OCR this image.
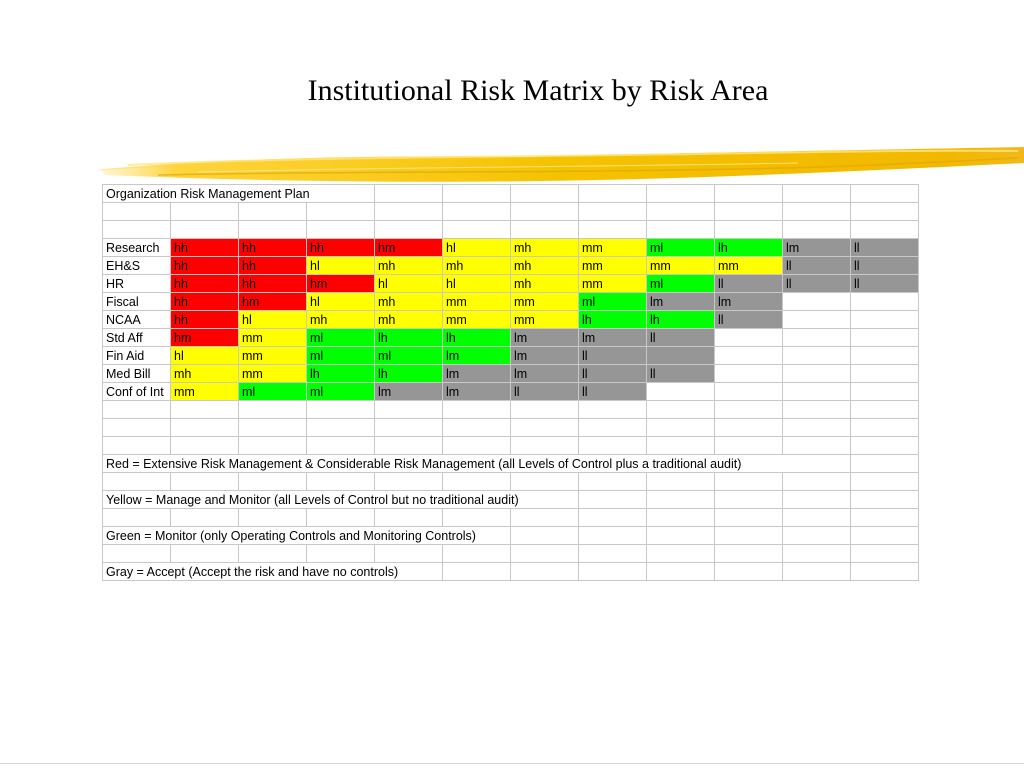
Institutional Risk Matrix by Risk Area
Organization Risk Management Plan											

Research	hh	hh	hh	hm	hl	mh	mm	ml	lh	lm	ll
EH&S	hh	hh	hl	mh	mh	mh	mm	mm	mm	ll	ll
HR	hh	hh	hm	hl	hl	mh	mm	ml	ll	ll	ll
Fiscal	hh	hm	hl	mh	mm	mm	ml	lm	lm		
NCAA	hh	hl	mh	mh	mm	mm	lh	lh	ll		
Std Aff	hm	mm	ml	lh	lh	lm	lm	ll			
Fin Aid	hl	mm	ml	ml	lm	lm	ll				
Med Bill	mh	mm	lh	lh	lm	lm	ll	ll			
Conf of Int	mm	ml	ml	lm	lm	ll	ll				

Red = Extensive Risk Management & Considerable Risk Management (all Levels of Control plus a traditional audit)											

Yellow = Manage and Monitor (all Levels of Control but no traditional audit)											

Green = Monitor (only Operating Controls and Monitoring Controls)											

Gray = Accept (Accept the risk and have no controls)											
